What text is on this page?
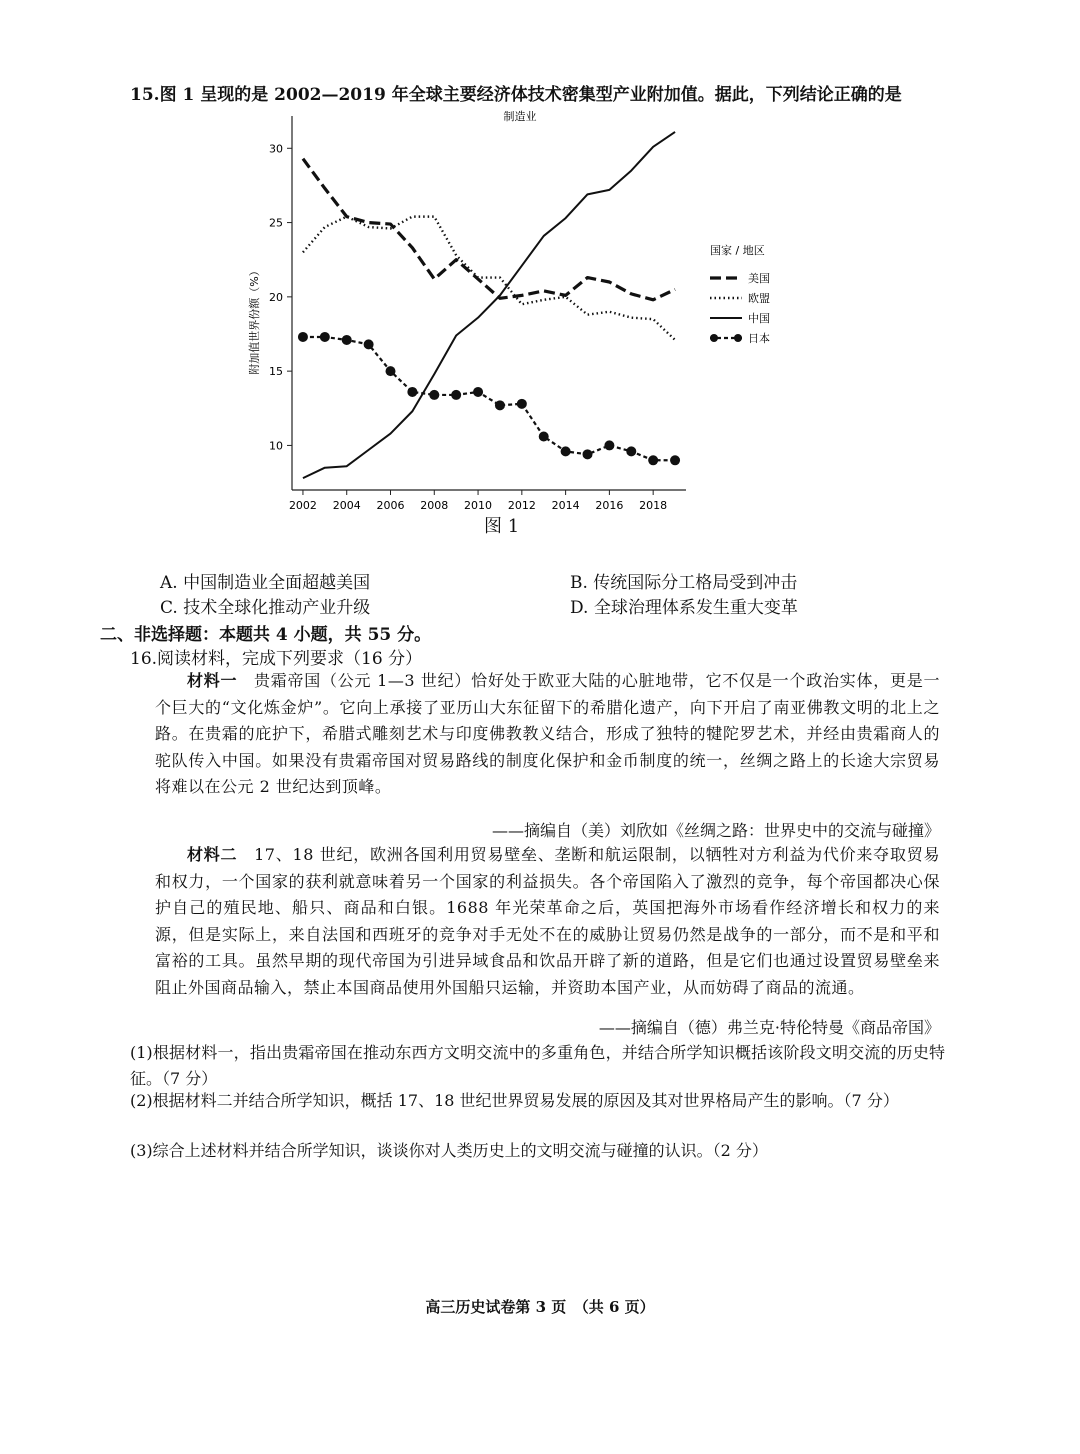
15.图 1 呈现的是 2002—2019 年全球主要经济体技术密集型产业附加值。据此，下列结论正确的是
制造业
附加值世界份额（%）
10
15
20
25
30
2002 2004 2006 2008 2010 2012 2014 2016 2018
国家 / 地区
美国
欧盟
中国
日本
图 1
A. 中国制造业全面超越美国	B. 传统国际分工格局受到冲击
C. 技术全球化推动产业升级	D. 全球治理体系发生重大变革
二、非选择题：本题共 4 小题，共 55 分。
16.阅读材料，完成下列要求（16 分）
材料一　 贵霜帝国（公元 1—3 世纪）恰好处于欧亚大陆的心脏地带，它不仅是一个政治实体，更是一个巨大的“文化炼金炉”。它向上承接了亚历山大东征留下的希腊化遗产，向下开启了南亚佛教文明的北上之路。在贵霜的庇护下，希腊式雕刻艺术与印度佛教教义结合，形成了独特的犍陀罗艺术，并经由贵霜商人的驼队传入中国。如果没有贵霜帝国对贸易路线的制度化保护和金币制度的统一，丝绸之路上的长途大宗贸易将难以在公元 2 世纪达到顶峰。
——摘编自（美）刘欣如《丝绸之路：世界史中的交流与碰撞》
材料二　 17、18 世纪，欧洲各国利用贸易壁垒、垄断和航运限制，以牺牲对方利益为代价来夺取贸易和权力，一个国家的获利就意味着另一个国家的利益损失。各个帝国陷入了激烈的竞争，每个帝国都决心保护自己的殖民地、船只、商品和白银。1688 年光荣革命之后，英国把海外市场看作经济增长和权力的来源，但是实际上，来自法国和西班牙的竞争对手无处不在的威胁让贸易仍然是战争的一部分，而不是和平和富裕的工具。虽然早期的现代帝国为引进异域食品和饮品开辟了新的道路，但是它们也通过设置贸易壁垒来阻止外国商品输入，禁止本国商品使用外国船只运输，并资助本国产业，从而妨碍了商品的流通。
——摘编自（德）弗兰克·特伦特曼《商品帝国》
(1)根据材料一，指出贵霜帝国在推动东西方文明交流中的多重角色，并结合所学知识概括该阶段文明交流的历史特征。（7 分）
(2)根据材料二并结合所学知识，概括 17、18 世纪世界贸易发展的原因及其对世界格局产生的影响。（7 分）
(3)综合上述材料并结合所学知识，谈谈你对人类历史上的文明交流与碰撞的认识。（2 分）
高三历史试卷第 3 页　（共 6 页）
